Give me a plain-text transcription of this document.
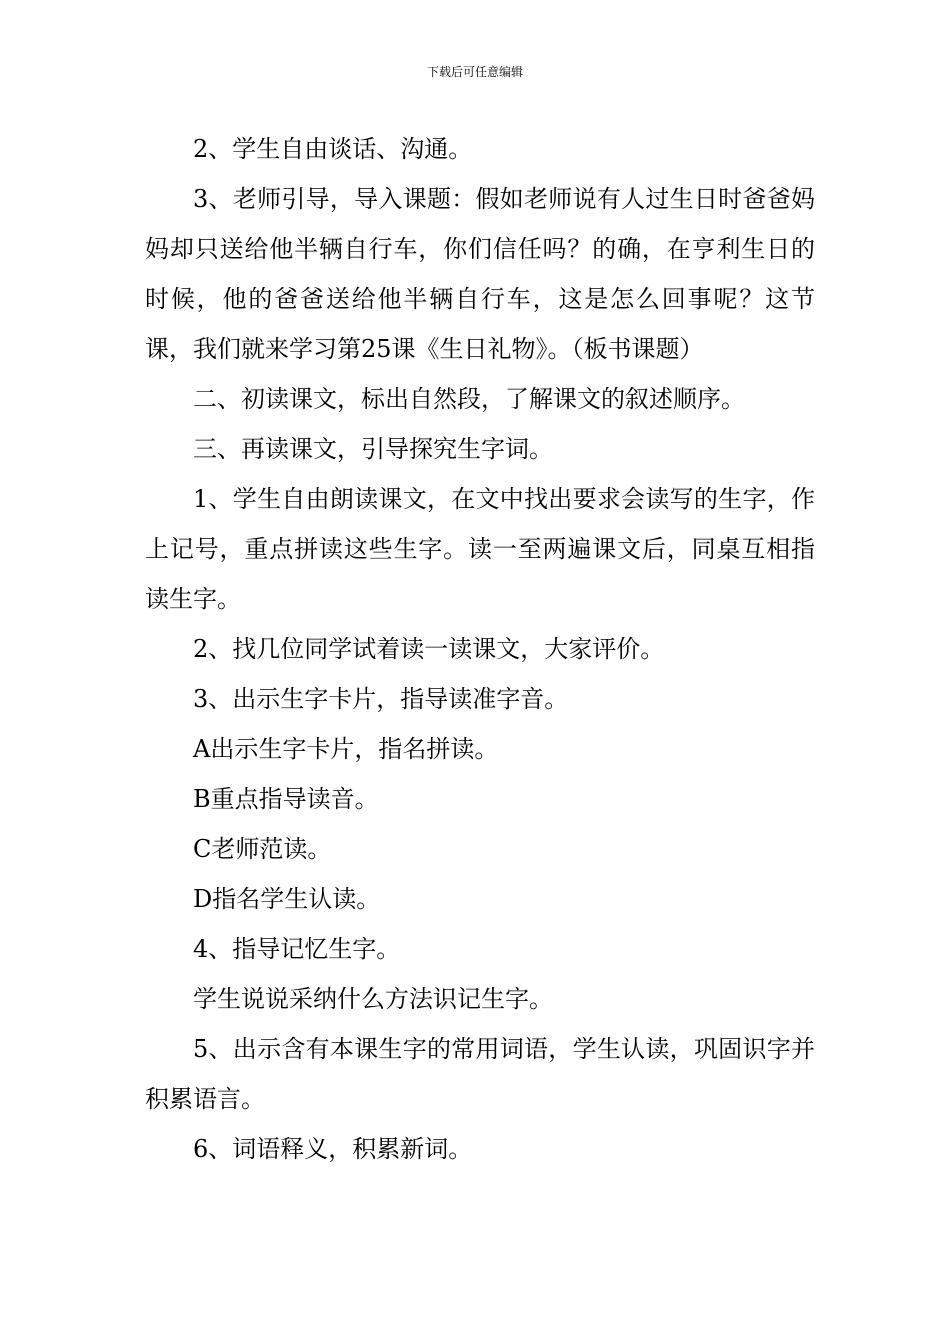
下载后可任意编辑

2、学生自由谈话、沟通。

3、老师引导，导入课题：假如老师说有人过生日时爸爸妈妈却只送给他半辆自行车，你们信任吗？的确，在亨利生日的时候，他的爸爸送给他半辆自行车，这是怎么回事呢？这节课，我们就来学习第25课《生日礼物》。（板书课题）

二、初读课文，标出自然段，了解课文的叙述顺序。

三、再读课文，引导探究生字词。

1、学生自由朗读课文，在文中找出要求会读写的生字，作上记号，重点拼读这些生字。读一至两遍课文后，同桌互相指读生字。

2、找几位同学试着读一读课文，大家评价。

3、出示生字卡片，指导读准字音。

A出示生字卡片，指名拼读。

B重点指导读音。

C老师范读。

D指名学生认读。

4、指导记忆生字。

学生说说采纳什么方法识记生字。

5、出示含有本课生字的常用词语，学生认读，巩固识字并积累语言。

6、词语释义，积累新词。
